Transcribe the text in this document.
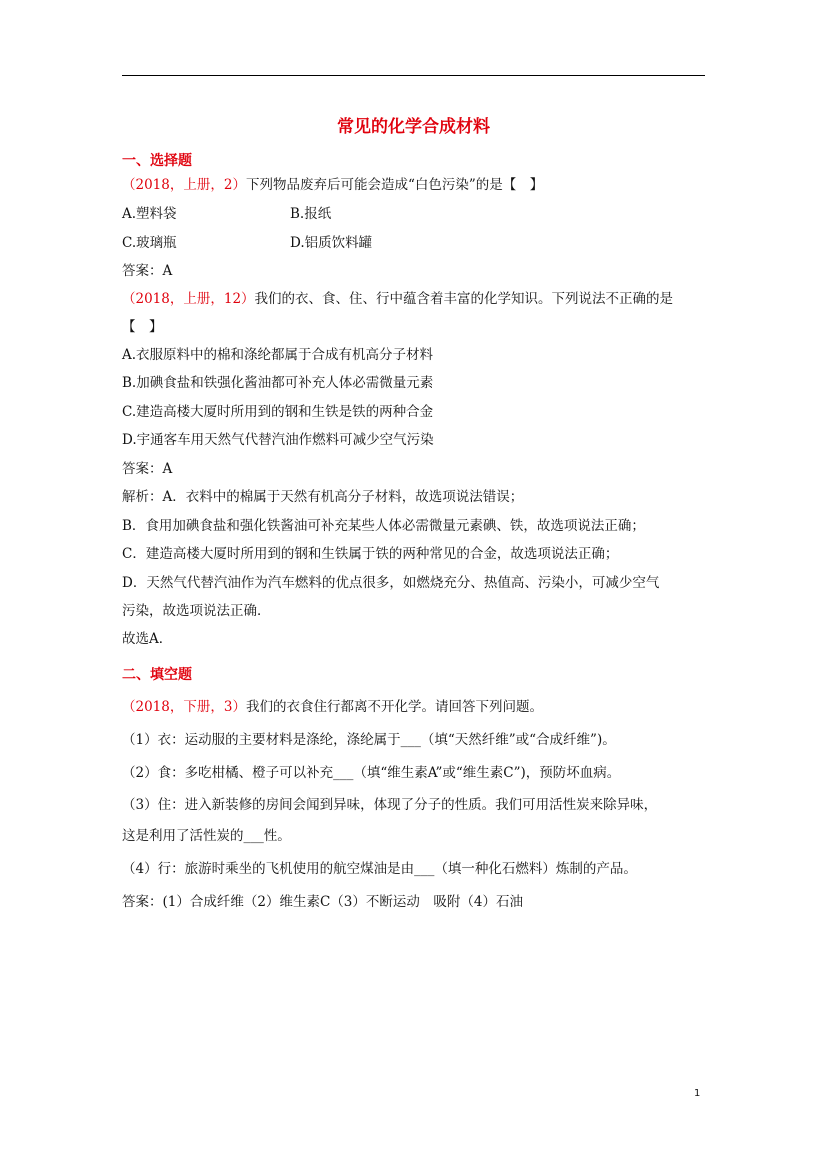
常见的化学合成材料
一、选择题
（2018，上册，2）下列物品废弃后可能会造成“白色污染”的是【　】
A.塑料袋	B.报纸
C.玻璃瓶	D.铝质饮料罐
答案：A
（2018，上册，12）我们的衣、食、住、行中蕴含着丰富的化学知识。下列说法不正确的是
【　】
A.衣服原料中的棉和涤纶都属于合成有机高分子材料
B.加碘食盐和铁强化酱油都可补充人体必需微量元素
C.建造高楼大厦时所用到的钢和生铁是铁的两种合金
D.宇通客车用天然气代替汽油作燃料可减少空气污染
答案：A
解析：A．衣料中的棉属于天然有机高分子材料，故选项说法错误；
B．食用加碘食盐和强化铁酱油可补充某些人体必需微量元素碘、铁，故选项说法正确；
C．建造高楼大厦时所用到的钢和生铁属于铁的两种常见的合金，故选项说法正确；
D．天然气代替汽油作为汽车燃料的优点很多，如燃烧充分、热值高、污染小，可减少空气
污染，故选项说法正确．
故选A．
二、填空题
（2018，下册，3）我们的衣食住行都离不开化学。请回答下列问题。
（1）衣：运动服的主要材料是涤纶，涤纶属于___（填“天然纤维”或“合成纤维”)。
（2）食：多吃柑橘、橙子可以补充___（填“维生素A”或“维生素C”)，预防坏血病。
（3）住：进入新装修的房间会闻到异味，体现了分子的性质。我们可用活性炭来除异味，
这是利用了活性炭的___性。
（4）行：旅游时乘坐的飞机使用的航空煤油是由___（填一种化石燃料）炼制的产品。
答案：(1）合成纤维（2）维生素C（3）不断运动　吸附（4）石油
1
